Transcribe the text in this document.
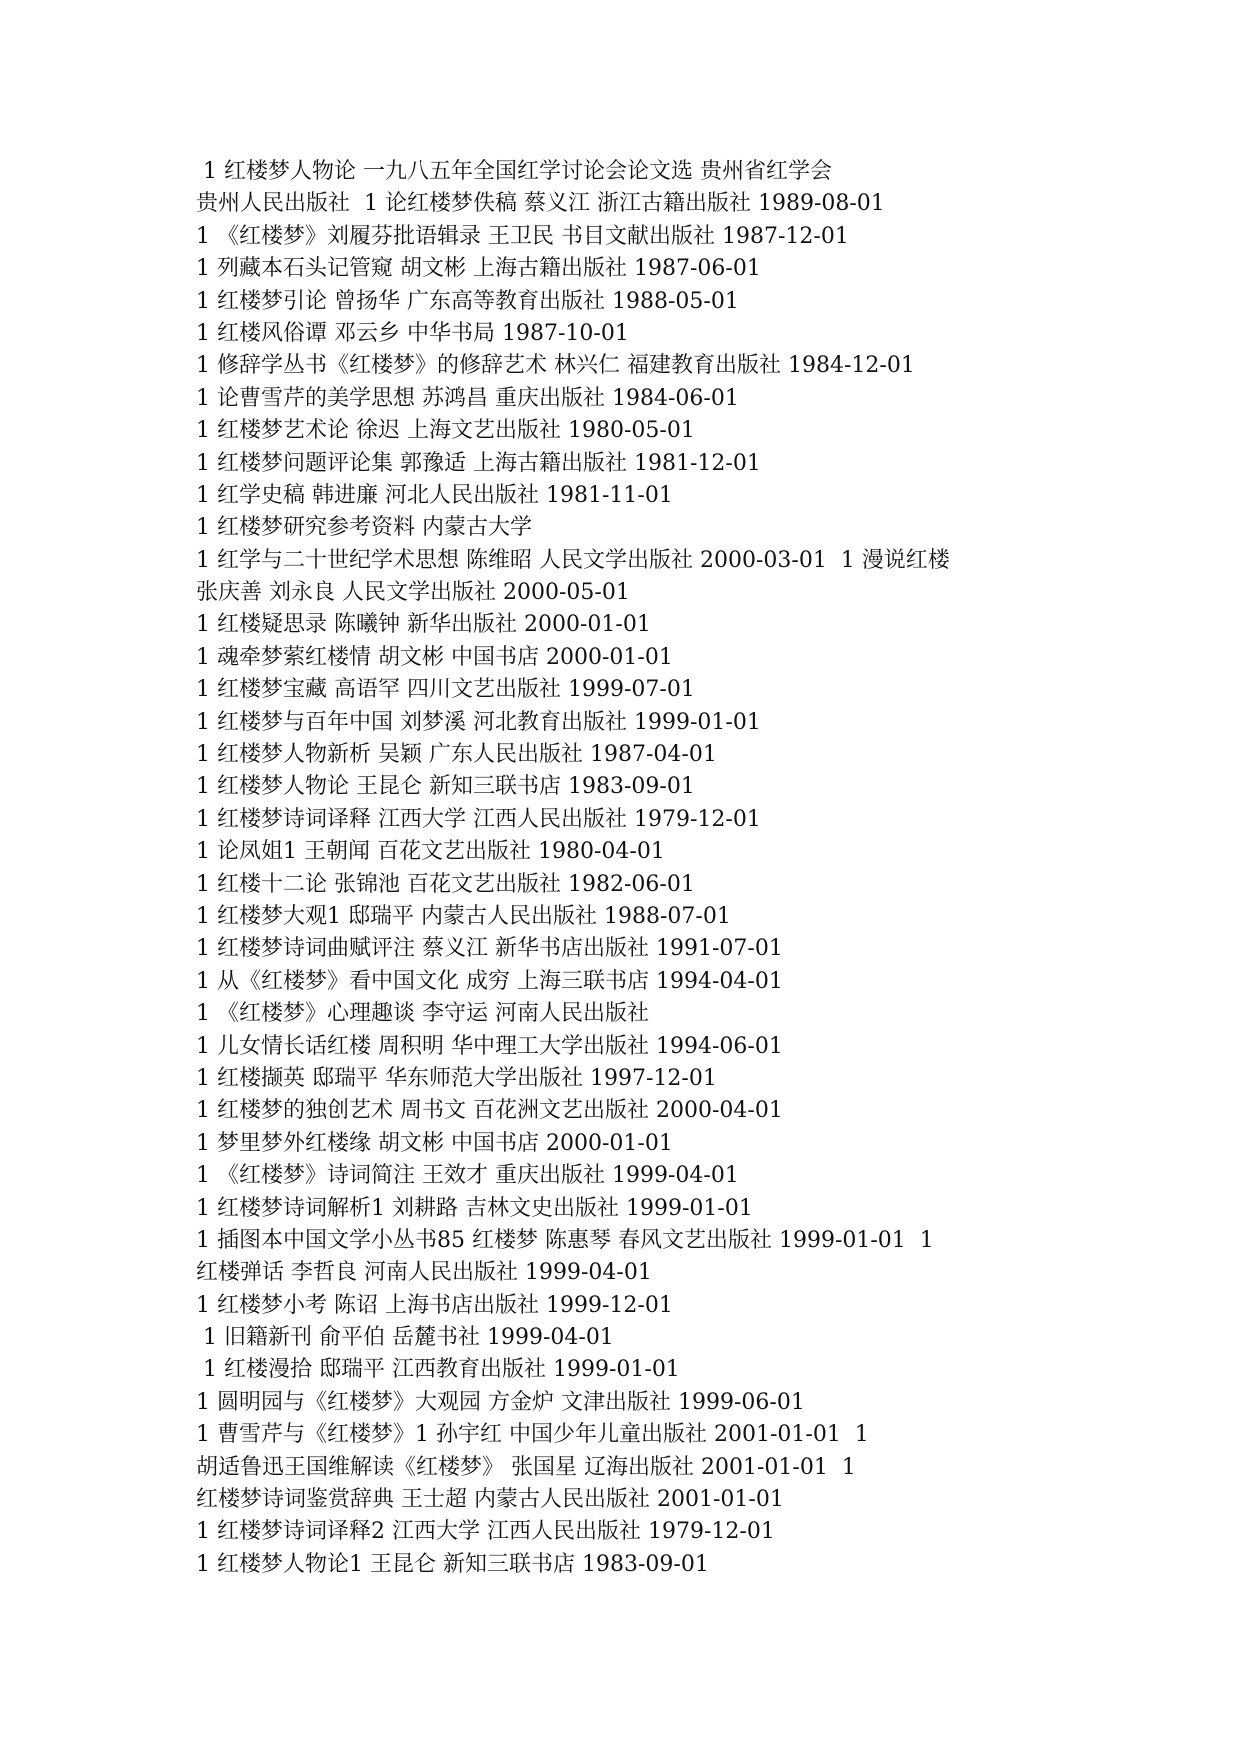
1 红楼梦人物论 一九八五年全国红学讨论会论文选 贵州省红学会
贵州人民出版社  1 论红楼梦佚稿 蔡义江 浙江古籍出版社 1989-08-01
1 《红楼梦》刘履芬批语辑录 王卫民 书目文献出版社 1987-12-01
1 列藏本石头记管窥 胡文彬 上海古籍出版社 1987-06-01
1 红楼梦引论 曾扬华 广东高等教育出版社 1988-05-01
1 红楼风俗谭 邓云乡 中华书局 1987-10-01
1 修辞学丛书《红楼梦》的修辞艺术 林兴仁 福建教育出版社 1984-12-01
1 论曹雪芹的美学思想 苏鸿昌 重庆出版社 1984-06-01
1 红楼梦艺术论 徐迟 上海文艺出版社 1980-05-01
1 红楼梦问题评论集 郭豫适 上海古籍出版社 1981-12-01
1 红学史稿 韩进廉 河北人民出版社 1981-11-01
1 红楼梦研究参考资料 内蒙古大学
1 红学与二十世纪学术思想 陈维昭 人民文学出版社 2000-03-01  1 漫说红楼
张庆善 刘永良 人民文学出版社 2000-05-01
1 红楼疑思录 陈曦钟 新华出版社 2000-01-01
1 魂牵梦萦红楼情 胡文彬 中国书店 2000-01-01
1 红楼梦宝藏 高语罕 四川文艺出版社 1999-07-01
1 红楼梦与百年中国 刘梦溪 河北教育出版社 1999-01-01
1 红楼梦人物新析 吴颖 广东人民出版社 1987-04-01
1 红楼梦人物论 王昆仑 新知三联书店 1983-09-01
1 红楼梦诗词译释 江西大学 江西人民出版社 1979-12-01
1 论凤姐1 王朝闻 百花文艺出版社 1980-04-01
1 红楼十二论 张锦池 百花文艺出版社 1982-06-01
1 红楼梦大观1 邸瑞平 内蒙古人民出版社 1988-07-01
1 红楼梦诗词曲赋评注 蔡义江 新华书店出版社 1991-07-01
1 从《红楼梦》看中国文化 成穷 上海三联书店 1994-04-01
1 《红楼梦》心理趣谈 李守运 河南人民出版社
1 儿女情长话红楼 周积明 华中理工大学出版社 1994-06-01
1 红楼撷英 邸瑞平 华东师范大学出版社 1997-12-01
1 红楼梦的独创艺术 周书文 百花洲文艺出版社 2000-04-01
1 梦里梦外红楼缘 胡文彬 中国书店 2000-01-01
1 《红楼梦》诗词简注 王效才 重庆出版社 1999-04-01
1 红楼梦诗词解析1 刘耕路 吉林文史出版社 1999-01-01
1 插图本中国文学小丛书85 红楼梦 陈惠琴 春风文艺出版社 1999-01-01  1
红楼弹话 李哲良 河南人民出版社 1999-04-01
1 红楼梦小考 陈诏 上海书店出版社 1999-12-01
1 旧籍新刊 俞平伯 岳麓书社 1999-04-01
1 红楼漫拾 邸瑞平 江西教育出版社 1999-01-01
1 圆明园与《红楼梦》大观园 方金炉 文津出版社 1999-06-01
1 曹雪芹与《红楼梦》1 孙宇红 中国少年儿童出版社 2001-01-01  1
胡适鲁迅王国维解读《红楼梦》 张国星 辽海出版社 2001-01-01  1
红楼梦诗词鉴赏辞典 王士超 内蒙古人民出版社 2001-01-01
1 红楼梦诗词译释2 江西大学 江西人民出版社 1979-12-01
1 红楼梦人物论1 王昆仑 新知三联书店 1983-09-01
